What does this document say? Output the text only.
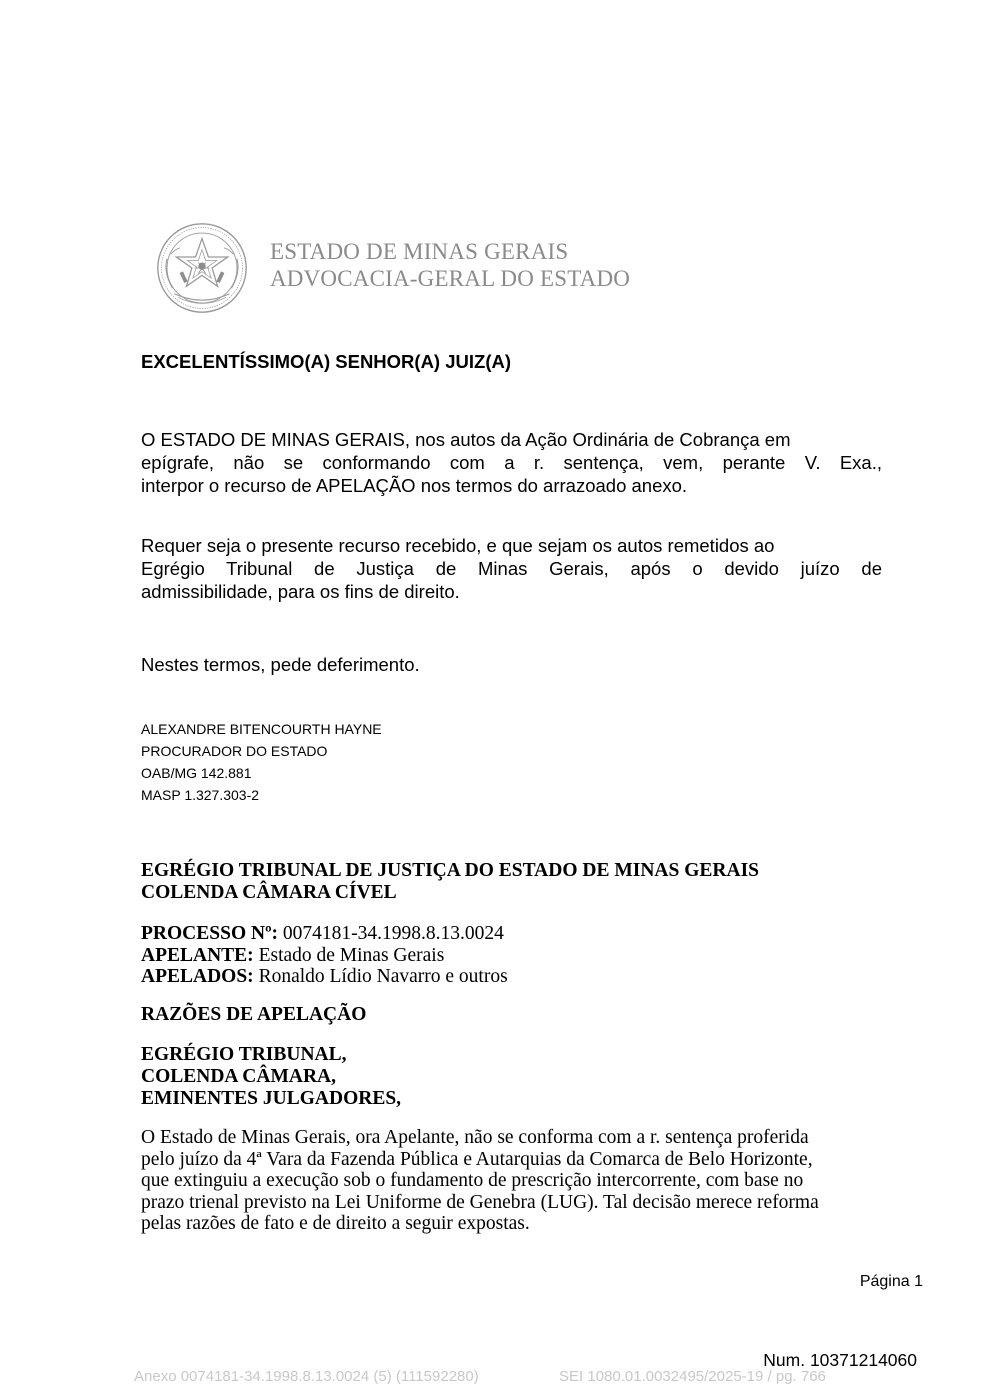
ESTADO DE MINAS GERAIS
ADVOCACIA-GERAL DO ESTADO
EXCELENTÍSSIMO(A) SENHOR(A) JUIZ(A)
O ESTADO DE MINAS GERAIS, nos autos da Ação Ordinária de Cobrança em
epígrafe, não se conformando com a r. sentença, vem, perante V. Exa.,
interpor o recurso de APELAÇÃO nos termos do arrazoado anexo.
Requer seja o presente recurso recebido, e que sejam os autos remetidos ao
Egrégio Tribunal de Justiça de Minas Gerais, após o devido juízo de
admissibilidade, para os fins de direito.
Nestes termos, pede deferimento.
ALEXANDRE BITENCOURTH HAYNE
PROCURADOR DO ESTADO
OAB/MG 142.881
MASP 1.327.303-2
EGRÉGIO TRIBUNAL DE JUSTIÇA DO ESTADO DE MINAS GERAIS
COLENDA CÂMARA CÍVEL
PROCESSO Nº: 0074181-34.1998.8.13.0024
APELANTE: Estado de Minas Gerais
APELADOS: Ronaldo Lídio Navarro e outros
RAZÕES DE APELAÇÃO
EGRÉGIO TRIBUNAL,
COLENDA CÂMARA,
EMINENTES JULGADORES,
O Estado de Minas Gerais, ora Apelante, não se conforma com a r. sentença proferida
pelo juízo da 4ª Vara da Fazenda Pública e Autarquias da Comarca de Belo Horizonte,
que extinguiu a execução sob o fundamento de prescrição intercorrente, com base no
prazo trienal previsto na Lei Uniforme de Genebra (LUG). Tal decisão merece reforma
pelas razões de fato e de direito a seguir expostas.
Página 1
Num. 10371214060
Anexo 0074181-34.1998.8.13.0024 (5) (111592280)	SEI 1080.01.0032495/2025-19 / pg. 766
